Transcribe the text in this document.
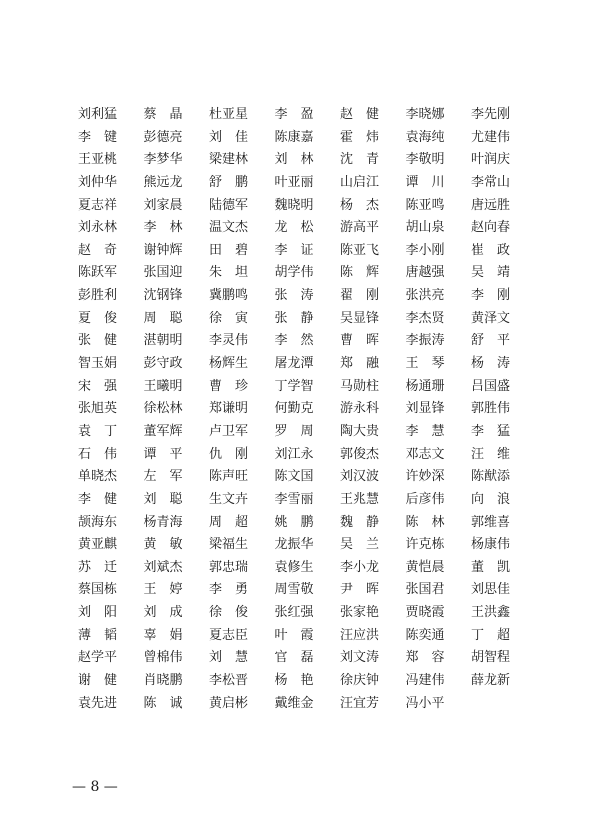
刘利猛	蔡　晶	杜亚星	李　盈	赵　健	李晓娜	李先刚
李　键	彭德亮	刘　佳	陈康嘉	霍　炜	袁海纯	尤建伟
王亚桃	李梦华	梁建林	刘　林	沈　青	李敬明	叶润庆
刘仲华	熊远龙	舒　鹏	叶亚丽	山启江	谭　川	李常山
夏志祥	刘家晨	陆德军	魏晓明	杨　杰	陈亚鸣	唐远胜
刘永林	李　林	温文杰	龙　松	游高平	胡山泉	赵向春
赵　奇	谢钟辉	田　碧	李　证	陈亚飞	李小刚	崔　政
陈跃军	张国迎	朱　坦	胡学伟	陈　辉	唐越强	吴　靖
彭胜利	沈钢锋	冀鹏鸣	张　涛	翟　刚	张洪亮	李　刚
夏　俊	周　聪	徐　寅	张　静	吴显锋	李杰贤	黄泽文
张　健	湛朝明	李灵伟	李　然	曹　晖	李振涛	舒　平
智玉娟	彭守政	杨辉生	屠龙潭	郑　融	王　琴	杨　涛
宋　强	王曦明	曹　珍	丁学智	马勋柱	杨通珊	吕国盛
张旭英	徐松林	郑谦明	何勤克	游永科	刘显锋	郭胜伟
袁　丁	董军辉	卢卫军	罗　周	陶大贵	李　慧	李　猛
石　伟	谭　平	仇　刚	刘江永	郭俊杰	邓志文	汪　维
单晓杰	左　军	陈声旺	陈文国	刘汉波	许妙深	陈猷添
李　健	刘　聪	生文卉	李雪丽	王兆慧	后彦伟	向　浪
颉海东	杨青海	周　超	姚　鹏	魏　静	陈　林	郭维喜
黄亚麒	黄　敏	梁福生	龙振华	吴　兰	许克栋	杨康伟
苏　迁	刘斌杰	郭忠瑞	袁修生	李小龙	黄恺晨	董　凯
蔡国栋	王　婷	李　勇	周雪敬	尹　晖	张国君	刘思佳
刘　阳	刘　成	徐　俊	张红强	张家艳	贾晓霞	王洪鑫
薄　韬	辜　娟	夏志臣	叶　霞	汪应洪	陈奕通	丁　超
赵学平	曾棉伟	刘　慧	官　磊	刘文涛	郑　容	胡智程
谢　健	肖晓鹏	李松晋	杨　艳	徐庆钟	冯建伟	薛龙新
袁先进	陈　诚	黄启彬	戴维金	汪宜芳	冯小平
— 8 —
